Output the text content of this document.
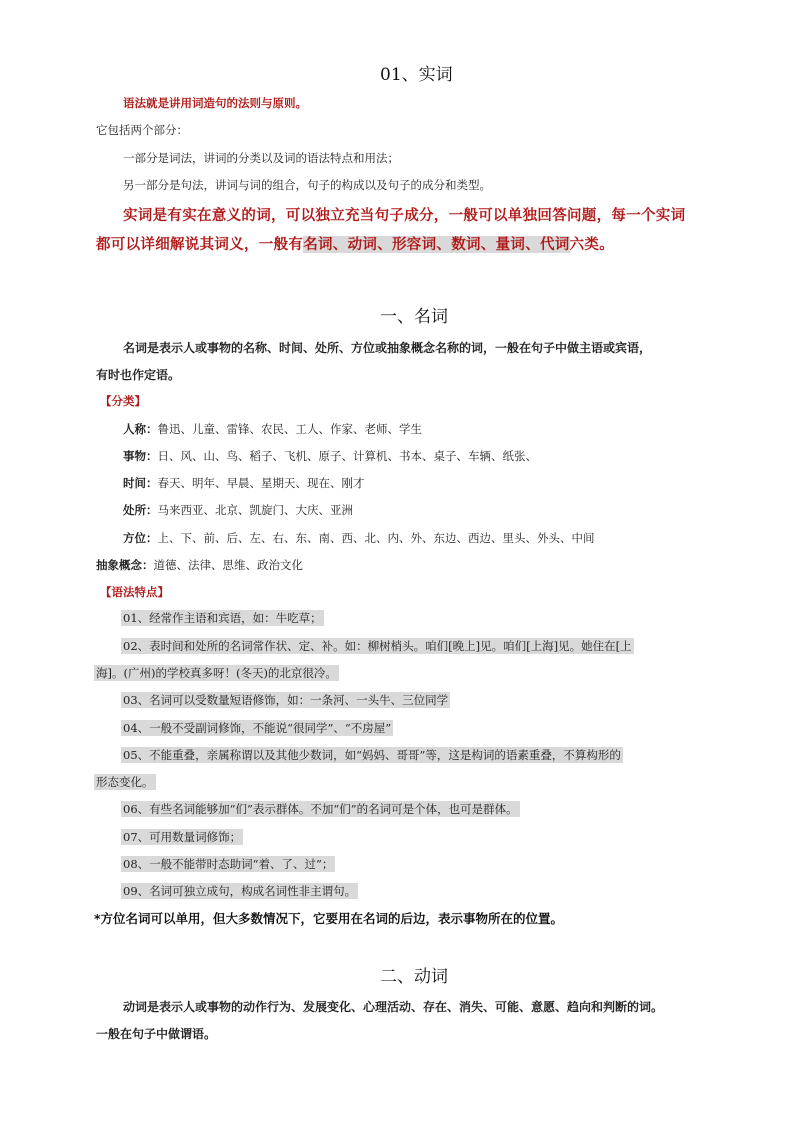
01、实词
语法就是讲用词造句的法则与原则。
它包括两个部分：
一部分是词法，讲词的分类以及词的语法特点和用法；
另一部分是句法，讲词与词的组合，句子的构成以及句子的成分和类型。
实词是有实在意义的词，可以独立充当句子成分，一般可以单独回答问题，每一个实词
都可以详细解说其词义，一般有名词、动词、形容词、数词、量词、代词六类。
一、名词
名词是表示人或事物的名称、时间、处所、方位或抽象概念名称的词，一般在句子中做主语或宾语，
有时也作定语。
【分类】
人称：鲁迅、儿童、雷锋、农民、工人、作家、老师、学生
事物：日、风、山、鸟、稻子、飞机、原子、计算机、书本、桌子、车辆、纸张、
时间：春天、明年、早晨、星期天、现在、刚才
处所：马来西亚、北京、凯旋门、大庆、亚洲
方位：上、下、前、后、左、右、东、南、西、北、内、外、东边、西边、里头、外头、中间
抽象概念：道德、法律、思维、政治文化
【语法特点】
01、经常作主语和宾语，如：牛吃草；
02、表时间和处所的名词常作状、定、补。如：柳树梢头。咱们[晚上]见。咱们[上海]见。她住在[上
海]。(广州)的学校真多呀！(冬天)的北京很冷。
03、名词可以受数量短语修饰，如：一条河、一头牛、三位同学
04、一般不受副词修饰，不能说“很同学”、“不房屋”
05、不能重叠，亲属称谓以及其他少数词，如“妈妈、哥哥”等，这是构词的语素重叠，不算构形的
形态变化。
06、有些名词能够加“们”表示群体。不加“们”的名词可是个体，也可是群体。
07、可用数量词修饰；
08、一般不能带时态助词“着、了、过”；
09、名词可独立成句，构成名词性非主谓句。
*方位名词可以单用，但大多数情况下，它要用在名词的后边，表示事物所在的位置。
二、动词
动词是表示人或事物的动作行为、发展变化、心理活动、存在、消失、可能、意愿、趋向和判断的词。
一般在句子中做谓语。
